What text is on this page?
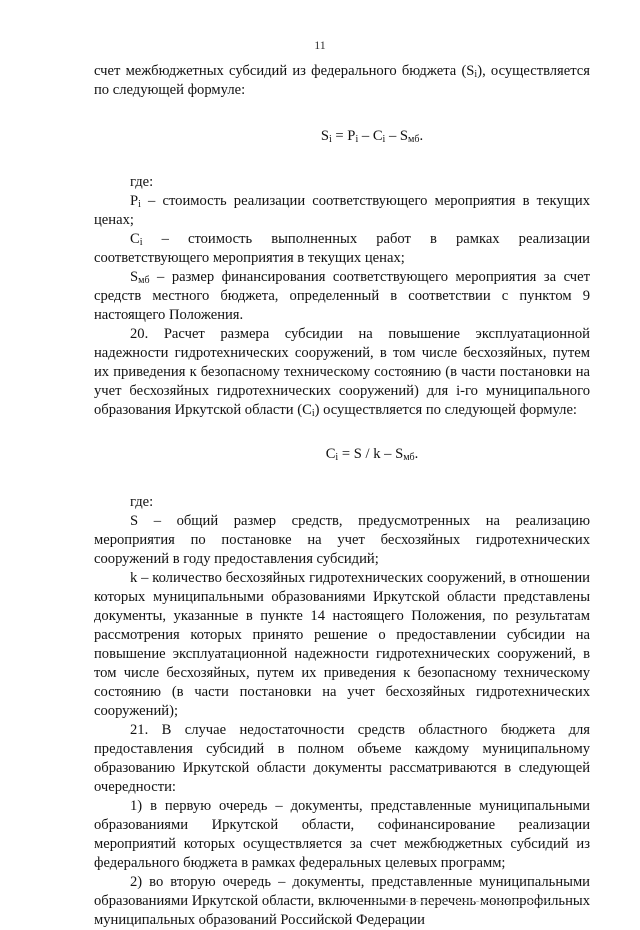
11

счет межбюджетных субсидий из федерального бюджета $(S_i)$, осуществляется по следующей формуле:

$S_i = P_i - C_i - S_{мб}$.

где:

$P_i$ – стоимость реализации соответствующего мероприятия в текущих ценах;

$C_i$ – стоимость выполненных работ в рамках реализации соответствующего мероприятия в текущих ценах;

$S_{мб}$ – размер финансирования соответствующего мероприятия за счет средств местного бюджета, определенный в соответствии с пунктом 9 настоящего Положения.

20. Расчет размера субсидии на повышение эксплуатационной надежности гидротехнических сооружений, в том числе бесхозяйных, путем их приведения к безопасному техническому состоянию (в части постановки на учет бесхозяйных гидротехнических сооружений) для i-го муниципального образования Иркутской области $(C_i)$ осуществляется по следующей формуле:

$C_i = S / k - S_{мб}$.

где:

S – общий размер средств, предусмотренных на реализацию мероприятия по постановке на учет бесхозяйных гидротехнических сооружений в году предоставления субсидий;

k – количество бесхозяйных гидротехнических сооружений, в отношении которых муниципальными образованиями Иркутской области представлены документы, указанные в пункте 14 настоящего Положения, по результатам рассмотрения которых принято решение о предоставлении субсидии на повышение эксплуатационной надежности гидротехнических сооружений, в том числе бесхозяйных, путем их приведения к безопасному техническому состоянию (в части постановки на учет бесхозяйных гидротехнических сооружений);

21. В случае недостаточности средств областного бюджета для предоставления субсидий в полном объеме каждому муниципальному образованию Иркутской области документы рассматриваются в следующей очередности:

1) в первую очередь – документы, представленные муниципальными образованиями Иркутской области, софинансирование реализации мероприятий которых осуществляется за счет межбюджетных субсидий из федерального бюджета в рамках федеральных целевых программ;

2) во вторую очередь – документы, представленные муниципальными образованиями Иркутской области, включенными в перечень монопрофильных муниципальных образований Российской Федерации
